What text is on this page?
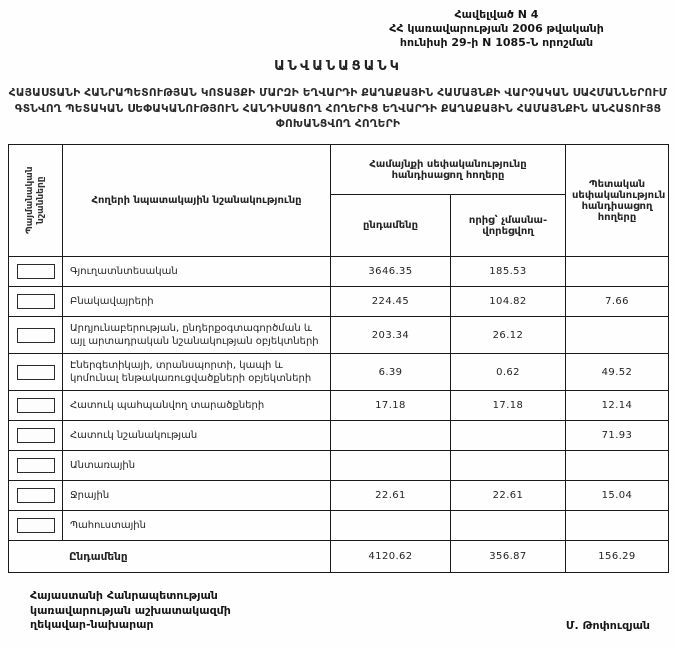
Հավելված N 4
ՀՀ կառավարության 2006 թվականի
հունիսի 29-ի N 1085-Ն որոշման
ԱՆՎԱՆԱՑԱՆԿ
ՀԱՅԱՍՏԱՆԻ ՀԱՆՐԱՊԵՏՈՒԹՅԱՆ ԿՈՏԱՅՔԻ ՄԱՐԶԻ ԵՂՎԱՐԴԻ ՔԱՂԱՔԱՅԻՆ ՀԱՄԱՅՆՔԻ ՎԱՐՉԱԿԱՆ ՍԱՀՄԱՆՆԵՐՈՒՄ ԳՏՆՎՈՂ ՊԵՏԱԿԱՆ ՍԵՓԱԿԱՆՈՒԹՅՈՒՆ ՀԱՆԴԻՍԱՑՈՂ ՀՈՂԵՐԻՑ ԵՂՎԱՐԴԻ ՔԱՂԱՔԱՅԻՆ ՀԱՄԱՅՆՔԻՆ ԱՆՀԱՏՈՒՅՑ ՓՈԽԱՆՑՎՈՂ ՀՈՂԵՐԻ
Պայմանական նշանները	Հողերի նպատակային նշանակությունը	Համայնքի սեփականությունը հանդիսացող հողերը		Պետական սեփականություն հանդիսացող հողերը
		ընդամենը	որից՝ չմասնա-վորեցվող	

	Գյուղատնտեսական	3646.35	185.53	

	Բնակավայրերի	224.45	104.82	7.66

	Արդյունաբերության, ընդերքօգտագործման և այլ արտադրական նշանակության օբյեկտների	203.34	26.12	

	Էներգետիկայի, տրանսպորտի, կապի և կոմունալ ենթակառուցվածքների օբյեկտների	6.39	0.62	49.52

	Հատուկ պահպանվող տարածքների	17.18	17.18	12.14

	Հատուկ նշանակության			71.93

	Անտառային			

	Ջրային	22.61	22.61	15.04

	Պահուստային			
Ընդամենը		4120.62	356.87	156.29
Հայաստանի Հանրապետության
կառավարության աշխատակազմի
ղեկավար-նախարար	Մ. Թոփուզյան
